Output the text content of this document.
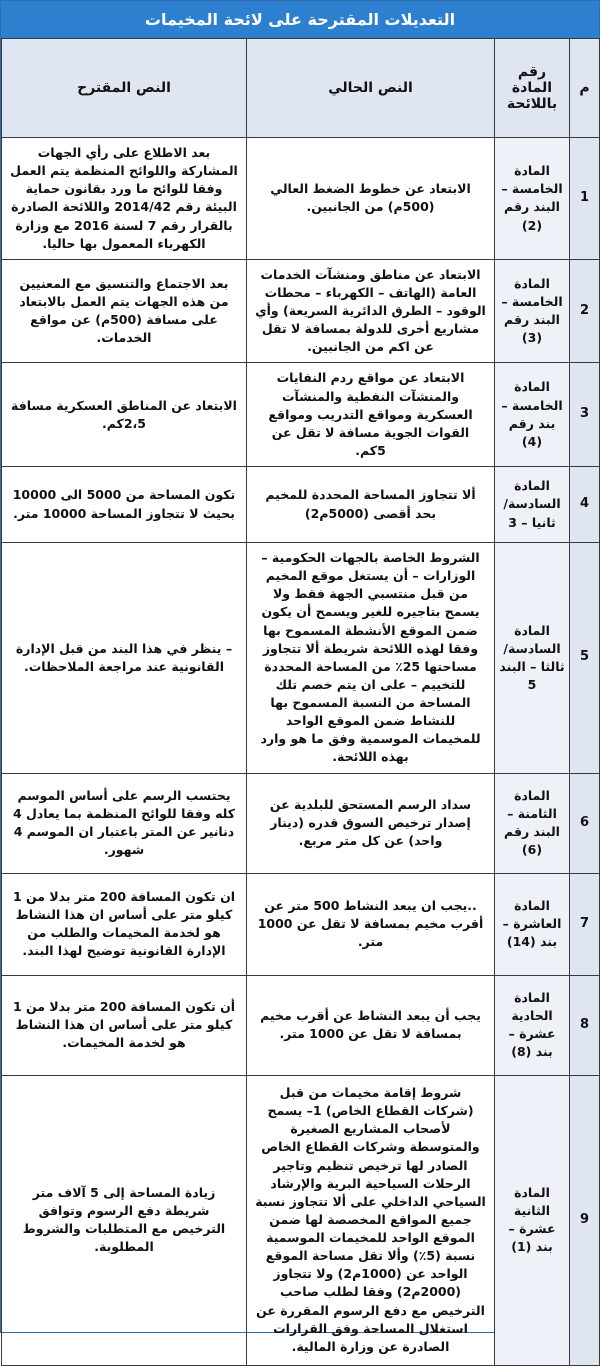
التعديلات المقترحة على لائحة المخيمات
م	رقم المادة باللائحة	النص الحالي	النص المقترح
1	المادة الخامسة – البند رقم (2)	الابتعاد عن خطوط الضغط العالي (500م) من الجانبين.	بعد الاطلاع على رأي الجهات المشاركة واللوائح المنظمة يتم العمل وفقا للوائح ما ورد بقانون حماية البيئة رقم 2014/42 واللائحة الصادرة بالقرار رقم 7 لسنة 2016 مع وزارة الكهرباء المعمول بها حاليا.
2	المادة الخامسة – البند رقم (3)	الابتعاد عن مناطق ومنشآت الخدمات العامة (الهاتف – الكهرباء – محطات الوقود – الطرق الدائرية السريعة) وأي مشاريع أخرى للدولة بمسافة لا تقل عن اكم من الجانبين.	بعد الاجتماع والتنسيق مع المعنيين من هذه الجهات يتم العمل بالابتعاد على مسافة (500م) عن مواقع الخدمات.
3	المادة الخامسة – بند رقم (4)	الابتعاد عن مواقع ردم النفايات والمنشآت النفطية والمنشآت العسكرية ومواقع التدريب ومواقع القوات الجوية مسافة لا تقل عن 5كم.	الابتعاد عن المناطق العسكرية مسافة 2،5كم.
4	المادة السادسة/ ثانيا – 3	ألا تتجاوز المساحة المحددة للمخيم بحد أقصى (5000م2)	تكون المساحة من 5000 الى 10000 بحيث لا تتجاوز المساحة 10000 متر.
5	المادة السادسة/ ثالثا – البند 5	الشروط الخاصة بالجهات الحكومية – الوزارات – أن يستغل موقع المخيم من قبل منتسبي الجهة فقط ولا يسمح بتاجيره للغير ويسمح أن يكون ضمن الموقع الأنشطة المسموح بها وفقا لهذه اللائحة شريطة ألا تتجاوز مساحتها 25٪ من المساحة المحددة للتخييم – على ان يتم خصم تلك المساحة من النسبة المسموح بها للنشاط ضمن الموقع الواحد للمخيمات الموسمية وفق ما هو وارد بهذه اللائحة.	– ينظر في هذا البند من قبل الإدارة القانونية عند مراجعة الملاحظات.
6	المادة الثامنة – البند رقم (6)	سداد الرسم المستحق للبلدية عن إصدار ترخيص السوق قدره (دينار واحد) عن كل متر مربع.	يحتسب الرسم على أساس الموسم كله وفقا للوائح المنظمة بما يعادل 4 دنانير عن المتر باعتبار ان الموسم 4 شهور.
7	المادة العاشرة – بند (14)	..يجب ان يبعد النشاط 500 متر عن أقرب مخيم بمسافة لا تقل عن 1000 متر.	ان تكون المسافة 200 متر بدلا من 1 كيلو متر على أساس ان هذا النشاط هو لخدمة المخيمات والطلب من الإدارة القانونية توضيح لهذا البند.
8	المادة الحادية عشرة – بند (8)	يجب أن يبعد النشاط عن أقرب مخيم بمسافة لا تقل عن 1000 متر.	أن تكون المسافة 200 متر بدلا من 1 كيلو متر على أساس ان هذا النشاط هو لخدمة المخيمات.
9	المادة الثانية عشرة – بند (1)	شروط إقامة مخيمات من قبل (شركات القطاع الخاص) 1– يسمح لأصحاب المشاريع الصغيرة والمتوسطة وشركات القطاع الخاص الصادر لها ترخيص تنظيم وتاجير الرحلات السياحية البرية والإرشاد السياحي الداخلي على ألا تتجاوز نسبة جميع المواقع المخصصة لها ضمن الموقع الواحد للمخيمات الموسمية نسبة (5٪) وألا تقل مساحة الموقع الواحد عن (1000م2) ولا تتجاوز (2000م2) وفقا لطلب صاحب الترخيص مع دفع الرسوم المقررة عن استغلال المساحة وفق القرارات الصادرة عن وزارة المالية.	زيادة المساحة إلى 5 آلاف متر شريطة دفع الرسوم وتوافق الترخيص مع المتطلبات والشروط المطلوبة.
